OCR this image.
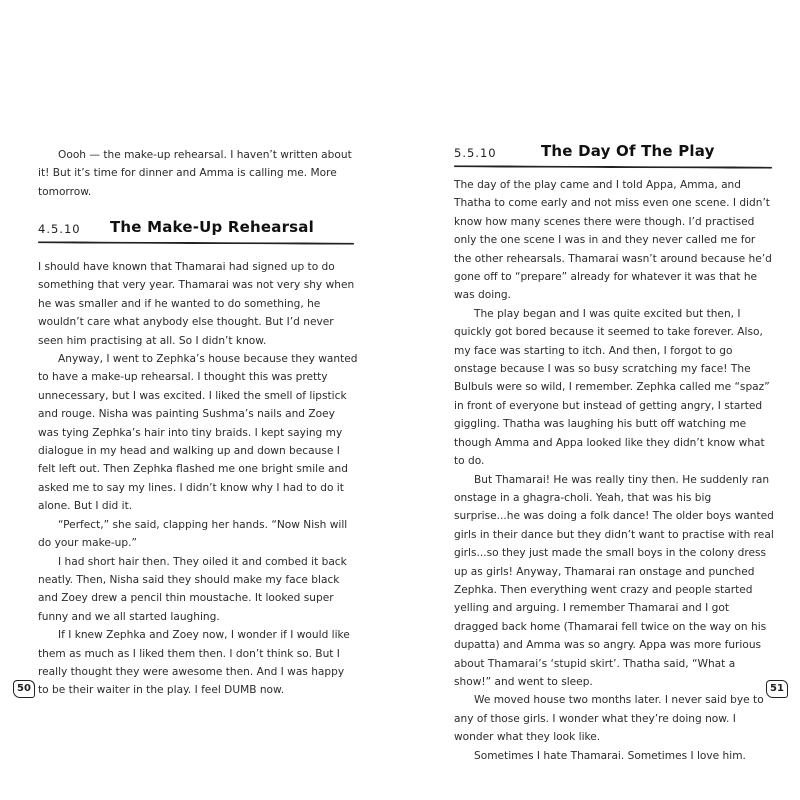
Oooh — the make-up rehearsal. I haven’t written about it! But it’s time for dinner and Amma is calling me. More tomorrow.
4.5.10 The Make-Up Rehearsal
I should have known that Thamarai had signed up to do something that very year. Thamarai was not very shy when he was smaller and if he wanted to do something, he wouldn’t care what anybody else thought. But I’d never seen him practising at all. So I didn’t know.
Anyway, I went to Zephka’s house because they wanted to have a make-up rehearsal. I thought this was pretty unnecessary, but I was excited. I liked the smell of lipstick and rouge. Nisha was painting Sushma’s nails and Zoey was tying Zephka’s hair into tiny braids. I kept saying my dialogue in my head and walking up and down because I felt left out. Then Zephka flashed me one bright smile and asked me to say my lines. I didn’t know why I had to do it alone. But I did it.
“Perfect,” she said, clapping her hands. “Now Nish will do your make-up.”
I had short hair then. They oiled it and combed it back neatly. Then, Nisha said they should make my face black and Zoey drew a pencil thin moustache. It looked super funny and we all started laughing.
If I knew Zephka and Zoey now, I wonder if I would like them as much as I liked them then. I don’t think so. But I really thought they were awesome then. And I was happy to be their waiter in the play. I feel DUMB now.
50
5.5.10	The Day Of The Play
The day of the play came and I told Appa, Amma, and Thatha to come early and not miss even one scene. I didn’t know how many scenes there were though. I’d practised only the one scene I was in and they never called me for the other rehearsals. Thamarai wasn’t around because he’d gone off to “prepare” already for whatever it was that he was doing.
The play began and I was quite excited but then, I quickly got bored because it seemed to take forever. Also, my face was starting to itch. And then, I forgot to go onstage because I was so busy scratching my face! The Bulbuls were so wild, I remember. Zephka called me “spaz” in front of everyone but instead of getting angry, I started giggling. Thatha was laughing his butt off watching me though Amma and Appa looked like they didn’t know what to do.
But Thamarai! He was really tiny then. He suddenly ran onstage in a ghagra-choli. Yeah, that was his big surprise...he was doing a folk dance! The older boys wanted girls in their dance but they didn’t want to practise with real girls...so they just made the small boys in the colony dress up as girls! Anyway, Thamarai ran onstage and punched Zephka. Then everything went crazy and people started yelling and arguing. I remember Thamarai and I got dragged back home (Thamarai fell twice on the way on his dupatta) and Amma was so angry. Appa was more furious about Thamarai’s ‘stupid skirt’. Thatha said, “What a show!” and went to sleep.
We moved house two months later. I never said bye to any of those girls. I wonder what they’re doing now. I wonder what they look like.
Sometimes I hate Thamarai. Sometimes I love him.
51
